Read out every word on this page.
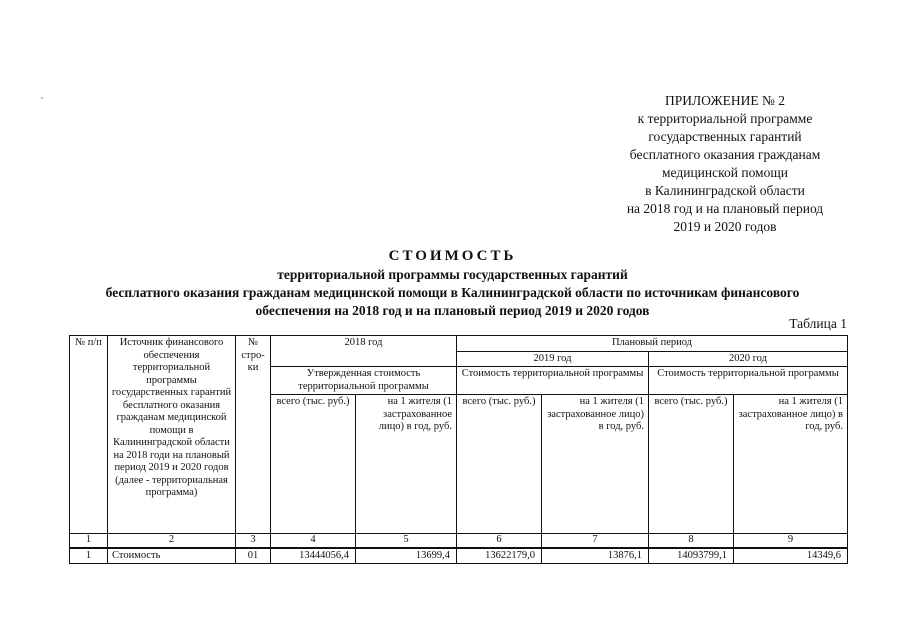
ПРИЛОЖЕНИЕ № 2
к территориальной программе
государственных гарантий
бесплатного оказания гражданам
медицинской помощи
в Калининградской области
на 2018 год и на плановый период
2019 и 2020 годов
СТОИМОСТЬ
территориальной программы государственных гарантий
бесплатного оказания гражданам медицинской помощи в Калининградской области по источникам финансового
обеспечения на 2018 год и на плановый период 2019 и 2020 годов
Таблица 1
№ п/п	Источник финансового обеспечения территориальной программы государственных гарантий бесплатного оказания гражданам медицинской помощи в Калининградской области на 2018 годи на плановый период 2019 и 2020 годов (далее - территориальная программа)	№ стро-ки	2018 год		Плановый период			
					2019 год		2020 год	
			Утвержденная стоимость территориальной программы		Стоимость территориальной программы		Стоимость территориальной программы	
			всего (тыс. руб.)	на 1 жителя (1 застрахованное лицо) в год, руб.	всего (тыс. руб.)	на 1 жителя (1 застрахованное лицо) в год, руб.	всего (тыс. руб.)	на 1 жителя (1 застрахованное лицо) в год, руб.
1	2	3	4	5	6	7	8	9
1	Стоимость	01	13444056,4	13699,4	13622179,0	13876,1	14093799,1	14349,6
